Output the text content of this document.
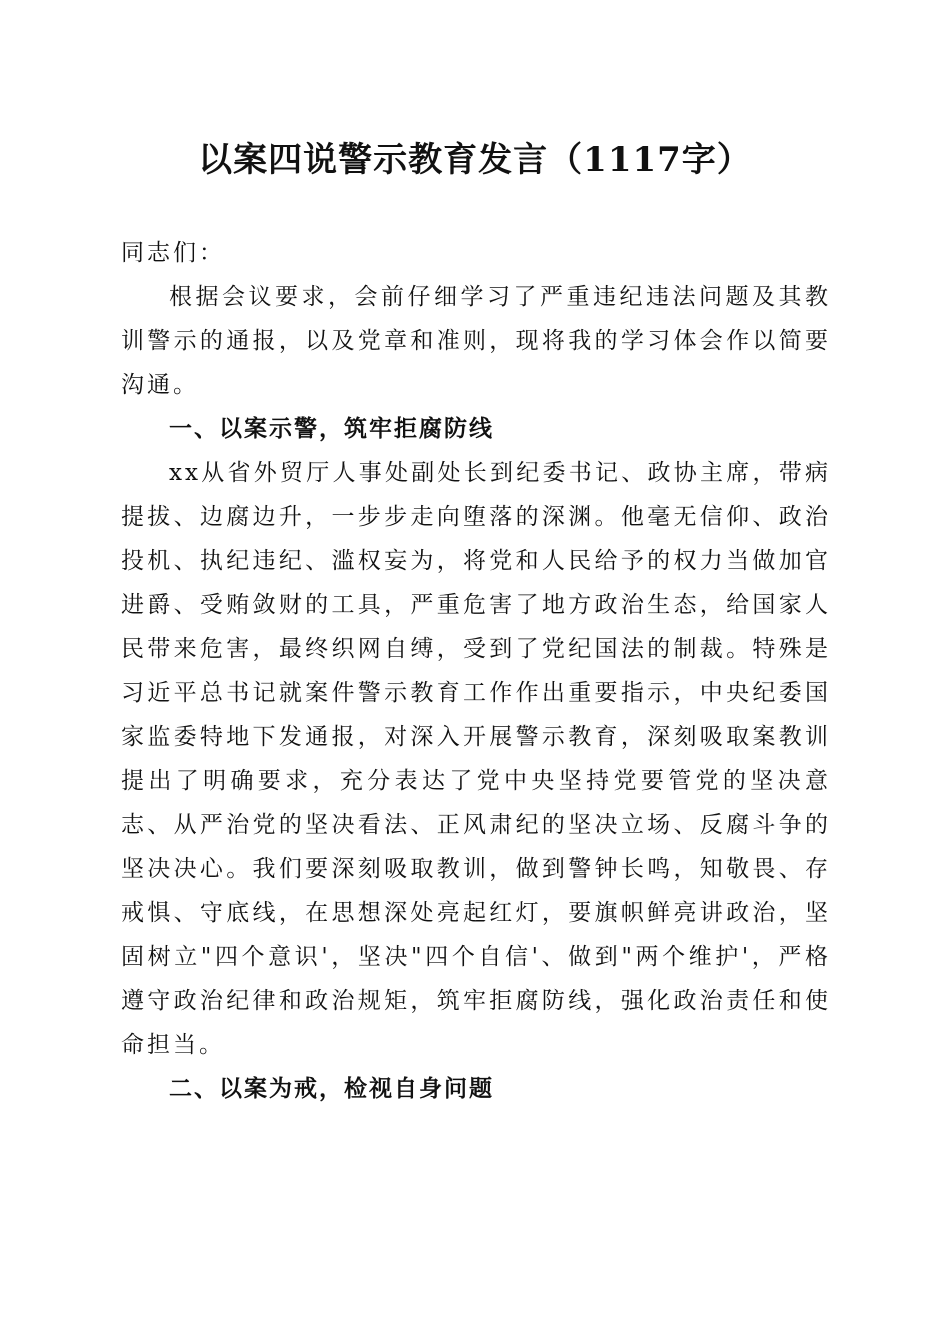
以案四说警示教育发言（1117字）

同志们：

根据会议要求，会前仔细学习了严重违纪违法问题及其教训警示的通报，以及党章和准则，现将我的学习体会作以简要沟通。

一、以案示警，筑牢拒腐防线

xx从省外贸厅人事处副处长到纪委书记、政协主席，带病提拔、边腐边升，一步步走向堕落的深渊。他毫无信仰、政治投机、执纪违纪、滥权妄为，将党和人民给予的权力当做加官进爵、受贿敛财的工具，严重危害了地方政治生态，给国家人民带来危害，最终织网自缚，受到了党纪国法的制裁。特殊是习近平总书记就案件警示教育工作作出重要指示，中央纪委国家监委特地下发通报，对深入开展警示教育，深刻吸取案教训提出了明确要求，充分表达了党中央坚持党要管党的坚决意志、从严治党的坚决看法、正风肃纪的坚决立场、反腐斗争的坚决决心。我们要深刻吸取教训，做到警钟长鸣，知敬畏、存戒惧、守底线，在思想深处亮起红灯，要旗帜鲜亮讲政治，坚固树立"四个意识'，坚决"四个自信'、做到"两个维护'，严格遵守政治纪律和政治规矩，筑牢拒腐防线，强化政治责任和使命担当。

二、以案为戒，检视自身问题
